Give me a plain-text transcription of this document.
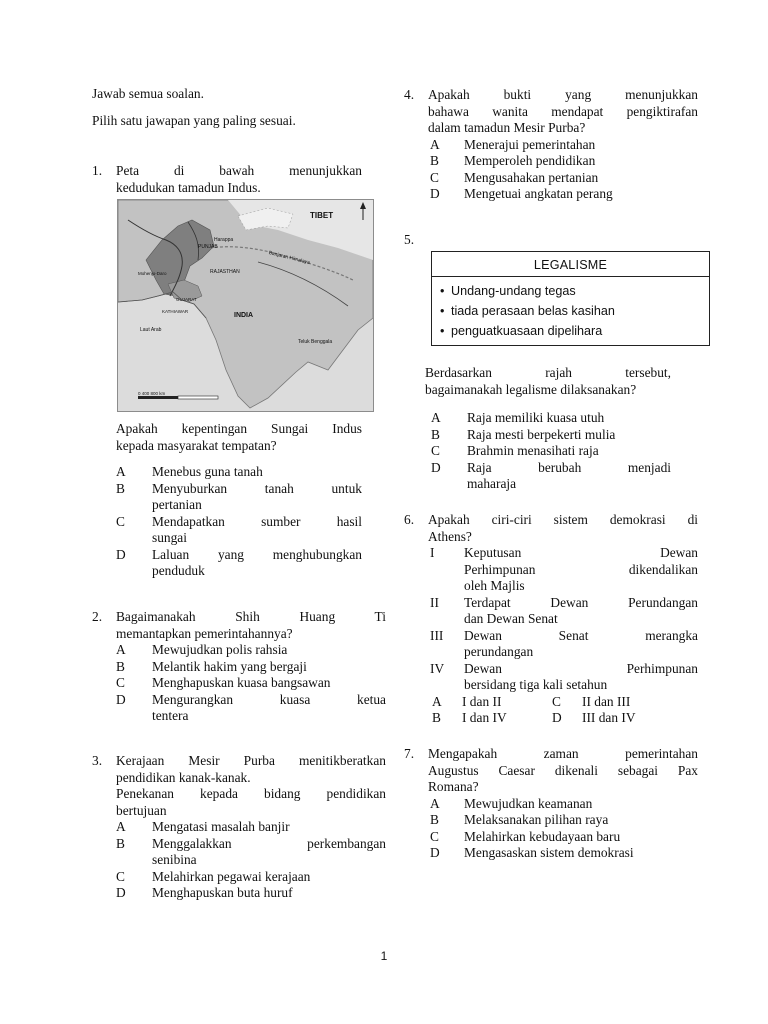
Jawab semua soalan.

Pilih satu jawapan yang paling sesuai.

1. Peta di bawah menunjukkan
kedudukan tamadun Indus.
TIBET
Harappa
Banjaran Himalaya
PUNJAB
Mohenjo-Daro	RAJASTHAN
GUJARAT
KATHIAWAR
INDIA
Laut Arab
Teluk Benggala
0 400 800 km
Apakah kepentingan Sungai Indus
kepada masyarakat tempatan?
A Menebus guna tanah
B Menyuburkan tanah untuk
pertanian
C Mendapatkan sumber hasil
sungai
D Laluan yang menghubungkan
penduduk
2. Bagaimanakah Shih Huang Ti
memantapkan pemerintahannya?
A Mewujudkan polis rahsia
B Melantik hakim yang bergaji
C Menghapuskan kuasa bangsawan
D Mengurangkan kuasa ketua
tentera
3. Kerajaan Mesir Purba menitikberatkan
pendidikan kanak-kanak.
Penekanan kepada bidang pendidikan
bertujuan
A Mengatasi masalah banjir
B Menggalakkan perkembangan
senibina
C Melahirkan pegawai kerajaan
D Menghapuskan buta huruf
4. Apakah bukti yang menunjukkan
bahawa wanita mendapat pengiktirafan
dalam tamadun Mesir Purba?
A Menerajui pemerintahan
B Memperoleh pendidikan
C Mengusahakan pertanian
D Mengetuai angkatan perang
5.
LEGALISME
• Undang-undang tegas
• tiada perasaan belas kasihan
• penguatkuasaan dipelihara
Berdasarkan rajah tersebut,
bagaimanakah legalisme dilaksanakan?
A Raja memiliki kuasa utuh
B Raja mesti berpekerti mulia
C Brahmin menasihati raja
D Raja berubah menjadi
maharaja
6. Apakah ciri-ciri sistem demokrasi di
Athens?
I Keputusan Dewan
Perhimpunan dikendalikan
oleh Majlis
II Terdapat Dewan Perundangan
dan Dewan Senat
III Dewan Senat merangka
perundangan
IV Dewan Perhimpunan
bersidang tiga kali setahun
A I dan II	C II dan III
B I dan IV	D III dan IV
7. Mengapakah zaman pemerintahan
Augustus Caesar dikenali sebagai Pax
Romana?
A Mewujudkan keamanan
B Melaksanakan pilihan raya
C Melahirkan kebudayaan baru
D Mengasaskan sistem demokrasi
1
